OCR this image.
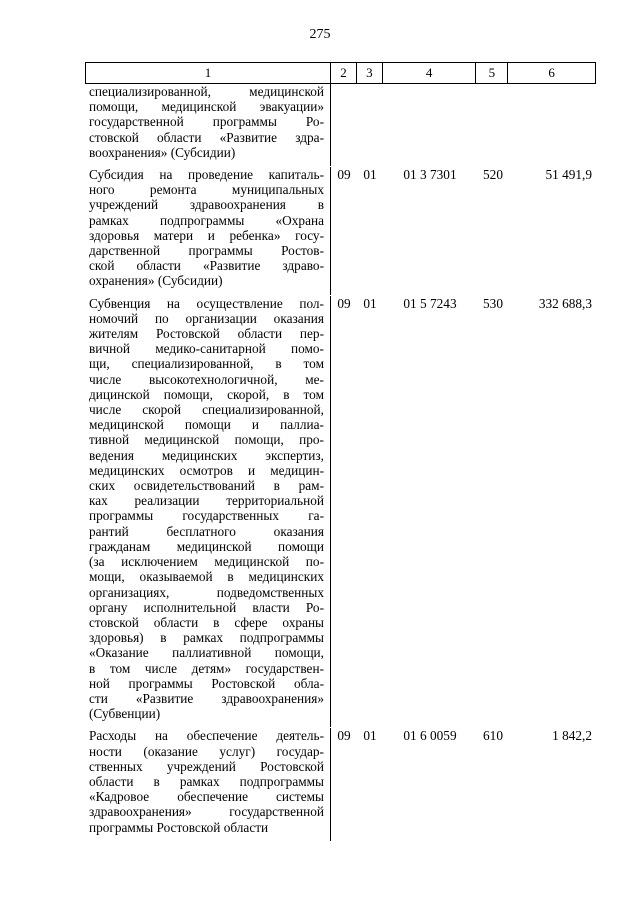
275
1	2	3	4	5	6
специализированной, медицинской
помощи, медицинской эвакуации»
государственной программы Ро-
стовской области «Развитие здра-
воохранения» (Субсидии)
Субсидия на проведение капиталь-
ного ремонта муниципальных
учреждений здравоохранения в
рамках подпрограммы «Охрана
здоровья матери и ребенка» госу-
дарственной программы Ростов-
ской области «Развитие здраво-
охранения» (Субсидии)
09 01	01 3 7301	520	51 491,9
Субвенция на осуществление пол-
номочий по организации оказания
жителям Ростовской области пер-
вичной медико-санитарной помо-
щи, специализированной, в том
числе высокотехнологичной, ме-
дицинской помощи, скорой, в том
числе скорой специализированной,
медицинской помощи и паллиа-
тивной медицинской помощи, про-
ведения медицинских экспертиз,
медицинских осмотров и медицин-
ских освидетельствований в рам-
ках реализации территориальной
программы государственных га-
рантий бесплатного оказания
гражданам медицинской помощи
(за исключением медицинской по-
мощи, оказываемой в медицинских
организациях, подведомственных
органу исполнительной власти Ро-
стовской области в сфере охраны
здоровья) в рамках подпрограммы
«Оказание паллиативной помощи,
в том числе детям» государствен-
ной программы Ростовской обла-
сти «Развитие здравоохранения»
(Субвенции)
09 01	01 5 7243	530	332 688,3
Расходы на обеспечение деятель-
ности (оказание услуг) государ-
ственных учреждений Ростовской
области в рамках подпрограммы
«Кадровое обеспечение системы
здравоохранения» государственной
программы Ростовской области
09 01	01 6 0059	610	1 842,2
